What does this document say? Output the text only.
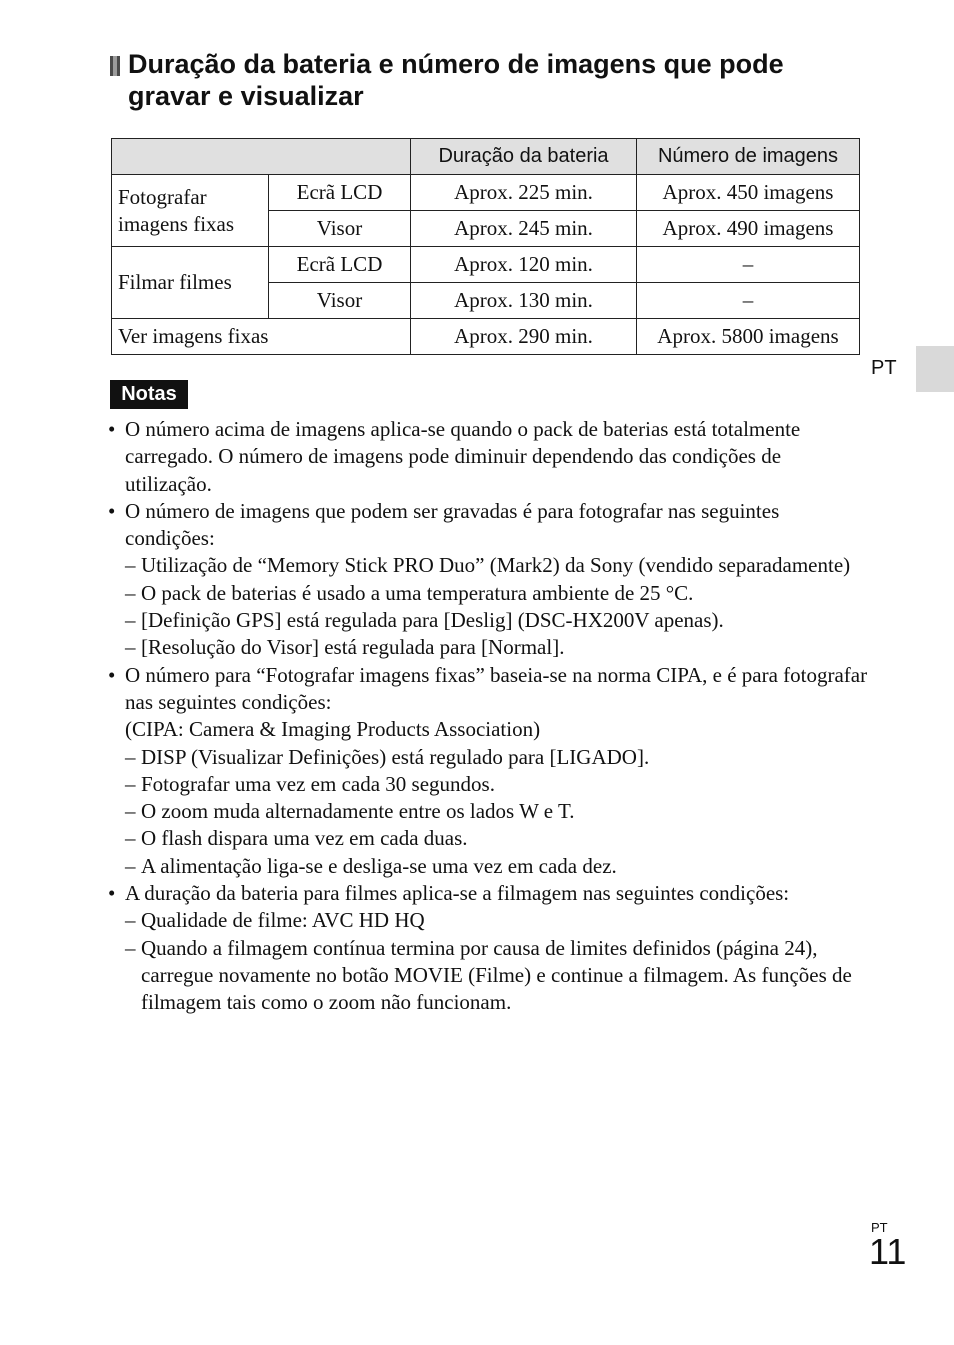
Duração da bateria e número de imagens que pode
gravar e visualizar
		Duração da bateria	Número de imagens
Fotografar
imagens fixas	Ecrã LCD	Aprox. 225 min.	Aprox. 450 imagens
	Visor	Aprox. 245 min.	Aprox. 490 imagens
Filmar filmes	Ecrã LCD	Aprox. 120 min.	–
	Visor	Aprox. 130 min.	–
Ver imagens fixas		Aprox. 290 min.	Aprox. 5800 imagens
PT
Notas
• O número acima de imagens aplica-se quando o pack de baterias está totalmente carregado. O número de imagens pode diminuir dependendo das condições de utilização.
• O número de imagens que podem ser gravadas é para fotografar nas seguintes condições:
– Utilização de “Memory Stick PRO Duo” (Mark2) da Sony (vendido separadamente)
– O pack de baterias é usado a uma temperatura ambiente de 25 °C.
– [Definição GPS] está regulada para [Deslig] (DSC-HX200V apenas).
– [Resolução do Visor] está regulada para [Normal].
• O número para “Fotografar imagens fixas” baseia-se na norma CIPA, e é para fotografar nas seguintes condições:
(CIPA: Camera & Imaging Products Association)
– DISP (Visualizar Definições) está regulado para [LIGADO].
– Fotografar uma vez em cada 30 segundos.
– O zoom muda alternadamente entre os lados W e T.
– O flash dispara uma vez em cada duas.
– A alimentação liga-se e desliga-se uma vez em cada dez.
• A duração da bateria para filmes aplica-se a filmagem nas seguintes condições:
– Qualidade de filme: AVC HD HQ
– Quando a filmagem contínua termina por causa de limites definidos (página 24), carregue novamente no botão MOVIE (Filme) e continue a filmagem. As funções de filmagem tais como o zoom não funcionam.
PT
11
